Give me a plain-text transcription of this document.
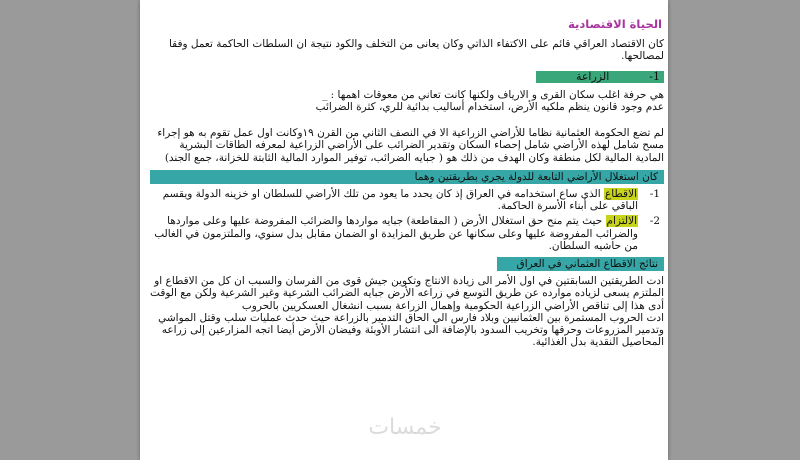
الحياة الاقتصادية
كان الاقتصاد العراقي قائم على الاكتفاء الذاتي وكان يعانى من التخلف والكود نتيجة ان السلطات الحاكمة تعمل وفقا لمصالحها.
1-الزراعة
هي حرفة اغلب سكان القرى و الارياف ولكنها كانت تعاني من معوقات اهمها : _
عدم وجود قانون ينظم ملكيه الأرض، استخدام أساليب بدائية للري، كثرة الضرائب
لم تضع الحكومة العثمانية نظاما للأراضي الزراعية الا في النصف الثاني من القرن ١٩وكانت اول عمل تقوم به هو إجراء مسح شامل لهذه الأراضي شامل إحصاء السكان وتقدير الضرائب على الأراضي الزراعية لمعرفه الطاقات البشرية المادية المالية لكل منطقة وكان الهدف من ذلك هو ( جبايه الضرائب، توفير الموارد المالية الثابتة للخزانة، جمع الجند)
كان استغلال الأراضي التابعة للدولة يجري بطريقتين وهما
1-
الاقطاع الذى ساع استخدامه في العراق إذ كان يحدد ما يعود من تلك الأراضي للسلطان او خزينه الدولة ويقسم الباقي على أبناء الأسرة الحاكمة.
2-
الالتزام حيث يتم منح حق استغلال الأرض ( المقاطعة) جبايه مواردها والضرائب المفروضة عليها وعلى مواردها والضرائب المفروضة عليها وعلى سكانها عن طريق المزايدة او الضمان مقابل بدل سنوي، والملتزمون في الغالب من حاشيه السلطان.
نتائج الاقطاع العثماني في العراق
ادت الطريقتين السابقتين في اول الأمر الى زيادة الانتاج وتكوين جيش قوى من الفرسان والسبب ان كل من الاقطاع او الملتزم يسعى لزياده موارده عن طريق التوسع في زراعه الأرض جبايه الضرائب الشرعية وغير الشرعية ولكن مع الوقت أدى هذا إلى تناقص الأراضي الزراعية الحكومية وإهمال الزراعة بسبب انشغال العسكريين بالحروب
ادت الحروب المستمرة بين العثمانيين وبلاد فارس الي الحاق التدمير بالزراعة حيث حدث عمليات سلب وقتل المواشي وتدمير المزروعات وحرقها وتخريب السدود بالإضافة الى انتشار الأوبئة وفيضان الأرض أيضا اتجه المزارعين إلى زراعه المحاصيل النقدية بدل الغذائية.
خمسات
